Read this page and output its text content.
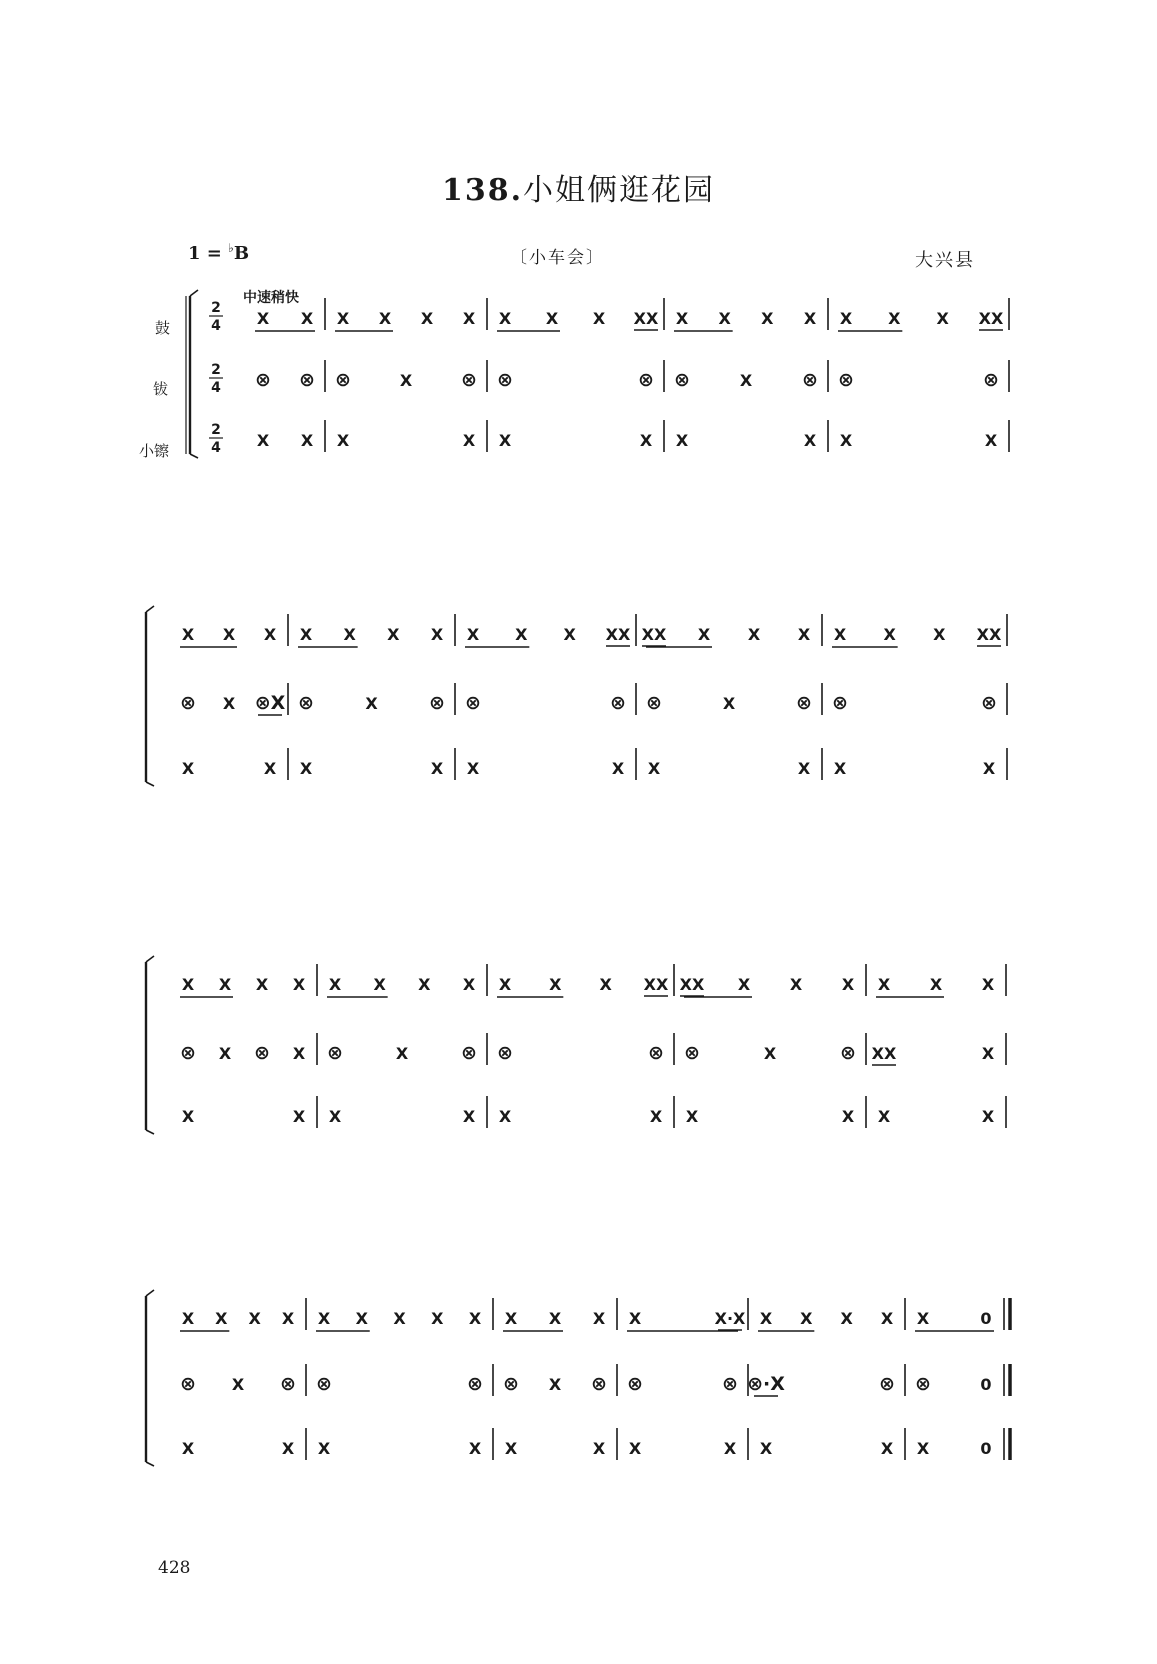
138.小姐俩逛花园
1 = ♭B	〔小车会〕	大兴县
中速稍快
鼓
钹
小镲
2
4
2
4
2
4
X X X X X X X X X XX X X X X X X X XX
⊗ ⊗ ⊗	X	⊗ ⊗	⊗ ⊗	X	⊗ ⊗	⊗
X X X	X X	X X	X X	X
X X X X X X X X X X XX XX X X X X X X XX
⊗ X ⊗X ⊗	X	⊗ ⊗	⊗ ⊗	X	⊗ ⊗	⊗
X	X X	X X	X X	X X	X
X X X X X X X X X X X XX XX X X X X X X
⊗ X ⊗ X ⊗	X	⊗ ⊗	⊗ ⊗	X	⊗ XX	X
X	X X	X X	X X	X X	X
X X X X X X X X X X X X X	X·X X X X X X	0
⊗ X ⊗ ⊗	⊗ ⊗ X ⊗ ⊗	⊗ ⊗·X	⊗ ⊗	0
X	X X	X X	X X	X X	X X	0
428
